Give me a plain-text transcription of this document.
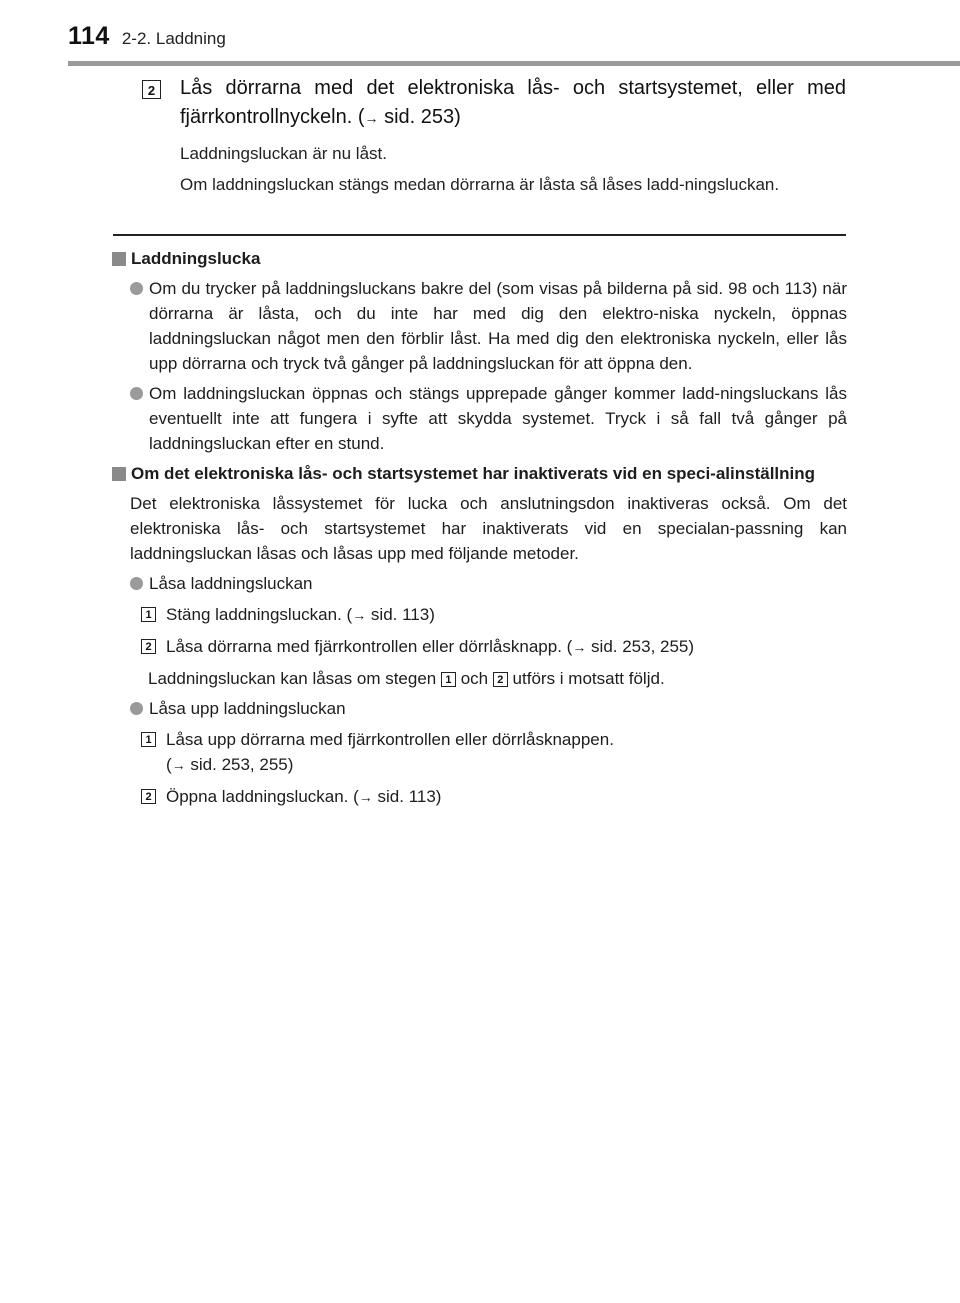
114 2-2. Laddning
2 Lås dörrarna med det elektroniska lås- och startsystemet, eller med fjärrkontrollnyckeln. (→ sid. 253)
Laddningsluckan är nu låst.
Om laddningsluckan stängs medan dörrarna är låsta så låses ladd-ningsluckan.
Laddningslucka
Om du trycker på laddningsluckans bakre del (som visas på bilderna på sid. 98 och 113) när dörrarna är låsta, och du inte har med dig den elektro-niska nyckeln, öppnas laddningsluckan något men den förblir låst. Ha med dig den elektroniska nyckeln, eller lås upp dörrarna och tryck två gånger på laddningsluckan för att öppna den.
Om laddningsluckan öppnas och stängs upprepade gånger kommer ladd-ningsluckans lås eventuellt inte att fungera i syfte att skydda systemet. Tryck i så fall två gånger på laddningsluckan efter en stund.
Om det elektroniska lås- och startsystemet har inaktiverats vid en speci-alinställning
Det elektroniska låssystemet för lucka och anslutningsdon inaktiveras också. Om det elektroniska lås- och startsystemet har inaktiverats vid en specialan-passning kan laddningsluckan låsas och låsas upp med följande metoder.
Låsa laddningsluckan
1 Stäng laddningsluckan. (→ sid. 113)
2 Låsa dörrarna med fjärrkontrollen eller dörrlåsknapp. (→ sid. 253, 255)
Laddningsluckan kan låsas om stegen 1 och 2 utförs i motsatt följd.
Låsa upp laddningsluckan
1 Låsa upp dörrarna med fjärrkontrollen eller dörrlåsknappen.
(→ sid. 253, 255)
2 Öppna laddningsluckan. (→ sid. 113)
